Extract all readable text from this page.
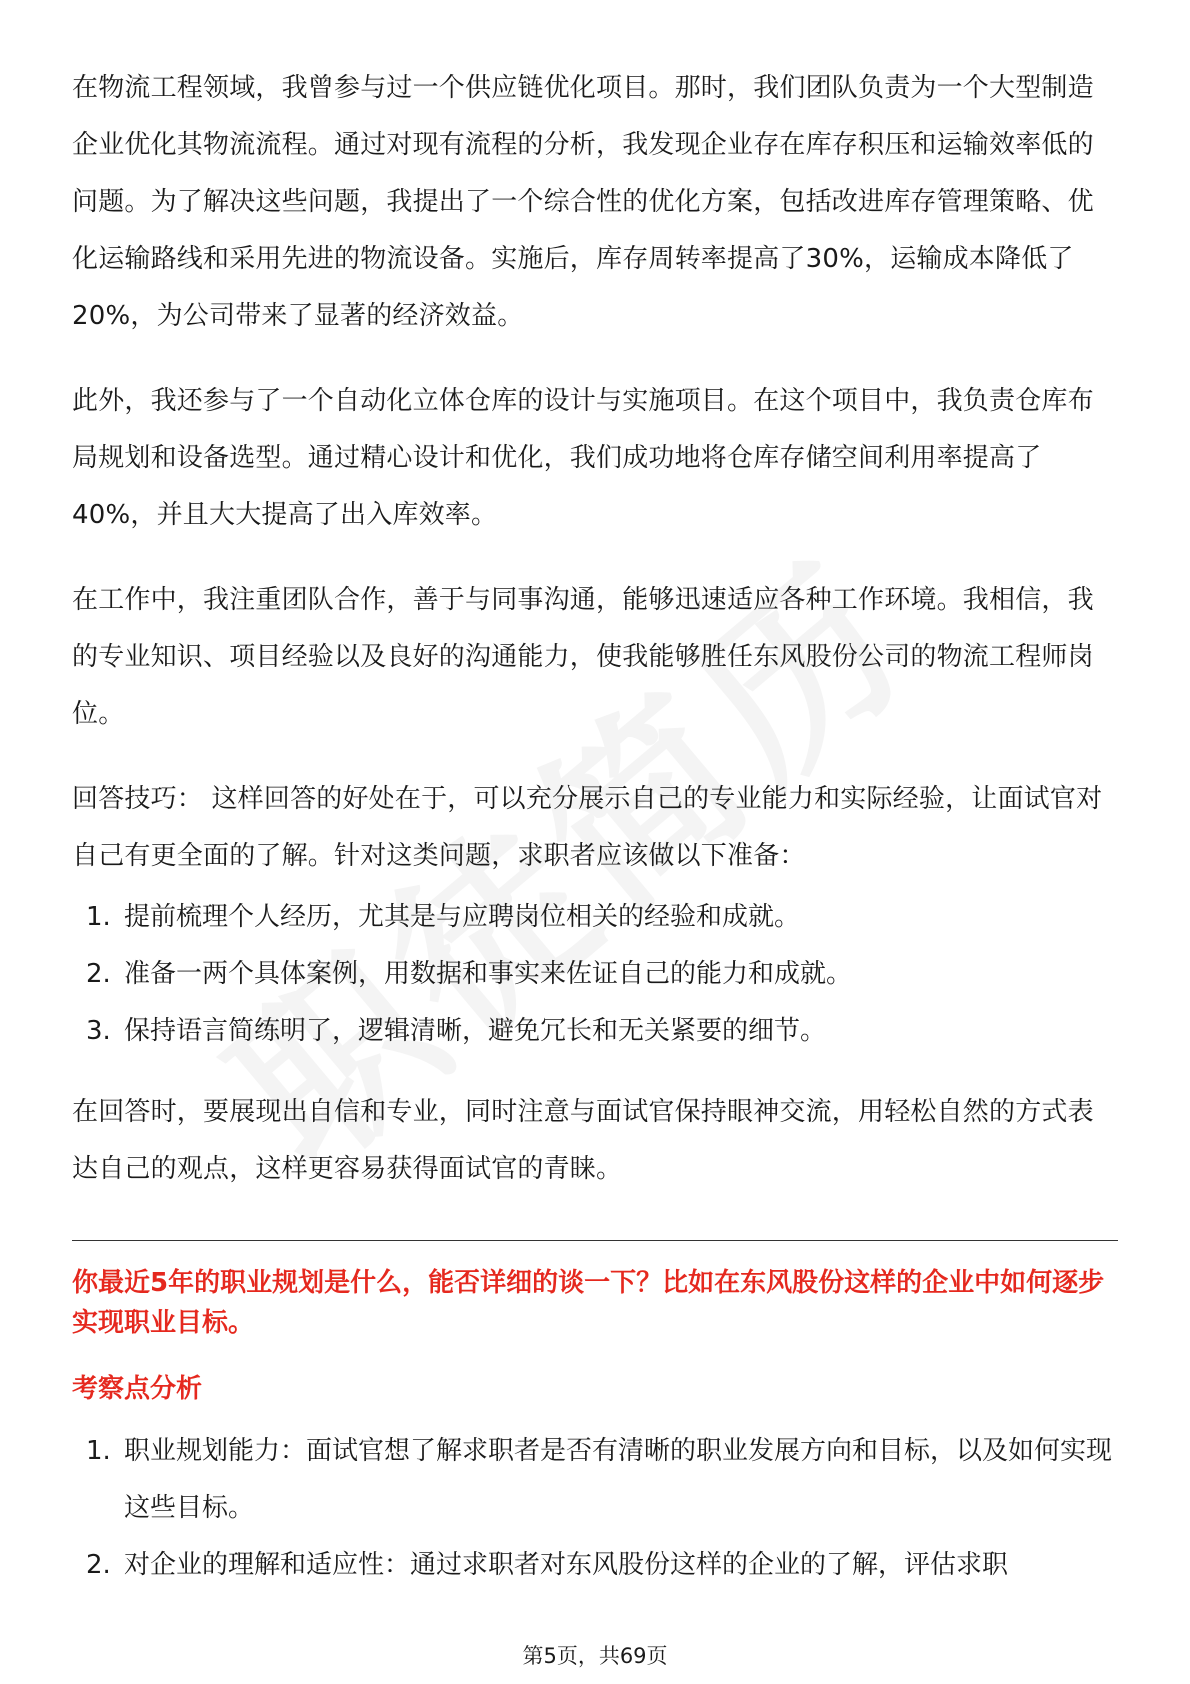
在物流工程领域，我曾参与过一个供应链优化项目。那时，我们团队负责为一个大型制造企业优化其物流流程。通过对现有流程的分析，我发现企业存在库存积压和运输效率低的问题。为了解决这些问题，我提出了一个综合性的优化方案，包括改进库存管理策略、优化运输路线和采用先进的物流设备。实施后，库存周转率提高了30%，运输成本降低了20%，为公司带来了显著的经济效益。

此外，我还参与了一个自动化立体仓库的设计与实施项目。在这个项目中，我负责仓库布局规划和设备选型。通过精心设计和优化，我们成功地将仓库存储空间利用率提高了40%，并且大大提高了出入库效率。

在工作中，我注重团队合作，善于与同事沟通，能够迅速适应各种工作环境。我相信，我的专业知识、项目经验以及良好的沟通能力，使我能够胜任东风股份公司的物流工程师岗位。

回答技巧： 这样回答的好处在于，可以充分展示自己的专业能力和实际经验，让面试官对自己有更全面的了解。针对这类问题，求职者应该做以下准备：

1. 提前梳理个人经历，尤其是与应聘岗位相关的经验和成就。
2. 准备一两个具体案例，用数据和事实来佐证自己的能力和成就。
3. 保持语言简练明了，逻辑清晰，避免冗长和无关紧要的细节。

在回答时，要展现出自信和专业，同时注意与面试官保持眼神交流，用轻松自然的方式表达自己的观点，这样更容易获得面试官的青睐。

你最近5年的职业规划是什么，能否详细的谈一下？比如在东风股份这样的企业中如何逐步实现职业目标。
考察点分析
1. 职业规划能力：面试官想了解求职者是否有清晰的职业发展方向和目标，以及如何实现这些目标。
2. 对企业的理解和适应性：通过求职者对东风股份这样的企业的了解，评估求职
第5页，共69页
